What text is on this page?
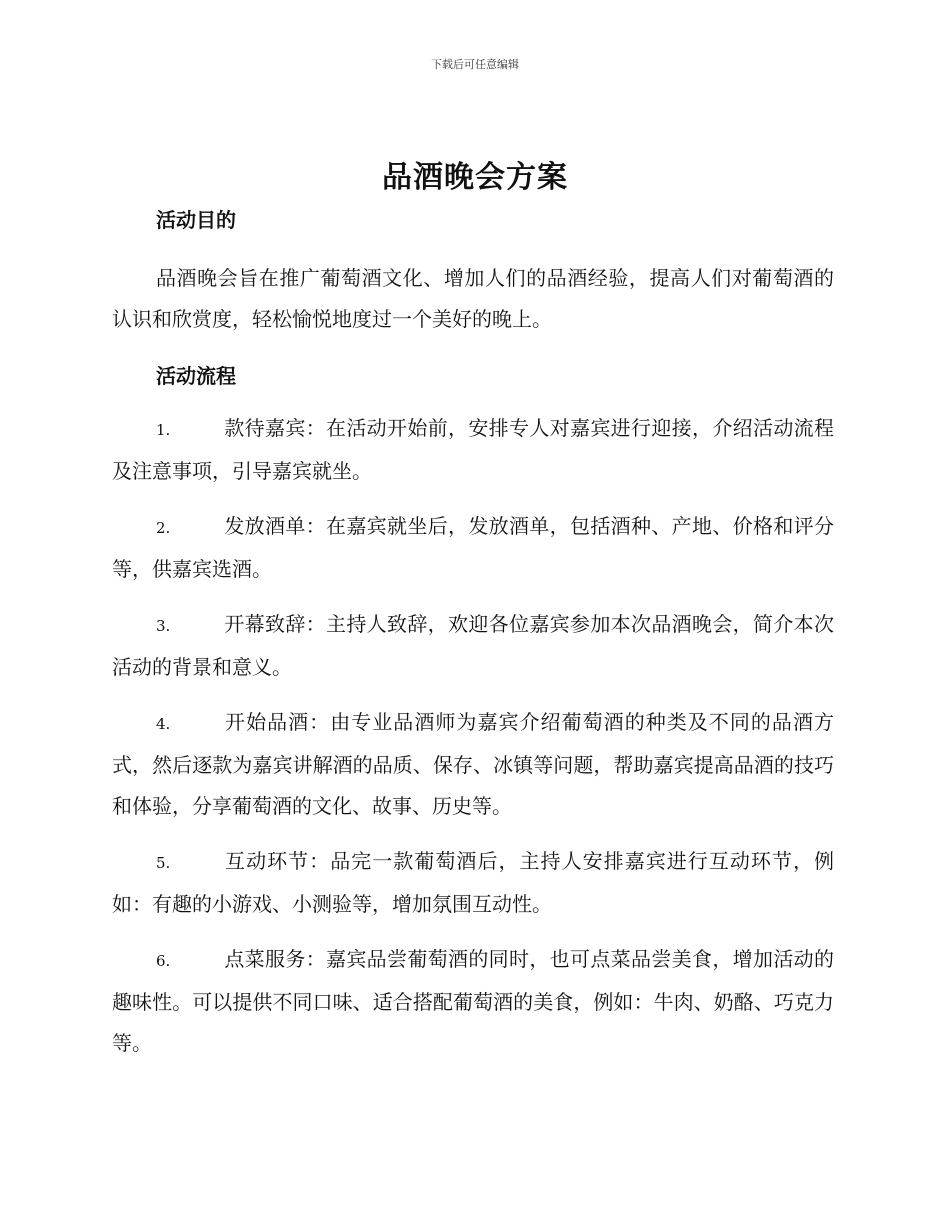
下载后可任意编辑
品酒晚会方案
活动目的
品酒晚会旨在推广葡萄酒文化、增加人们的品酒经验，提高人们对葡萄酒的认识和欣赏度，轻松愉悦地度过一个美好的晚上。
活动流程
1.	款待嘉宾：在活动开始前，安排专人对嘉宾进行迎接，介绍活动流程及注意事项，引导嘉宾就坐。
2.	发放酒单：在嘉宾就坐后，发放酒单，包括酒种、产地、价格和评分等，供嘉宾选酒。
3.	开幕致辞：主持人致辞，欢迎各位嘉宾参加本次品酒晚会，简介本次活动的背景和意义。
4.	开始品酒：由专业品酒师为嘉宾介绍葡萄酒的种类及不同的品酒方式，然后逐款为嘉宾讲解酒的品质、保存、冰镇等问题，帮助嘉宾提高品酒的技巧和体验，分享葡萄酒的文化、故事、历史等。
5.	互动环节：品完一款葡萄酒后，主持人安排嘉宾进行互动环节，例如：有趣的小游戏、小测验等，增加氛围互动性。
6.	点菜服务：嘉宾品尝葡萄酒的同时，也可点菜品尝美食，增加活动的趣味性。可以提供不同口味、适合搭配葡萄酒的美食，例如：牛肉、奶酪、巧克力等。
